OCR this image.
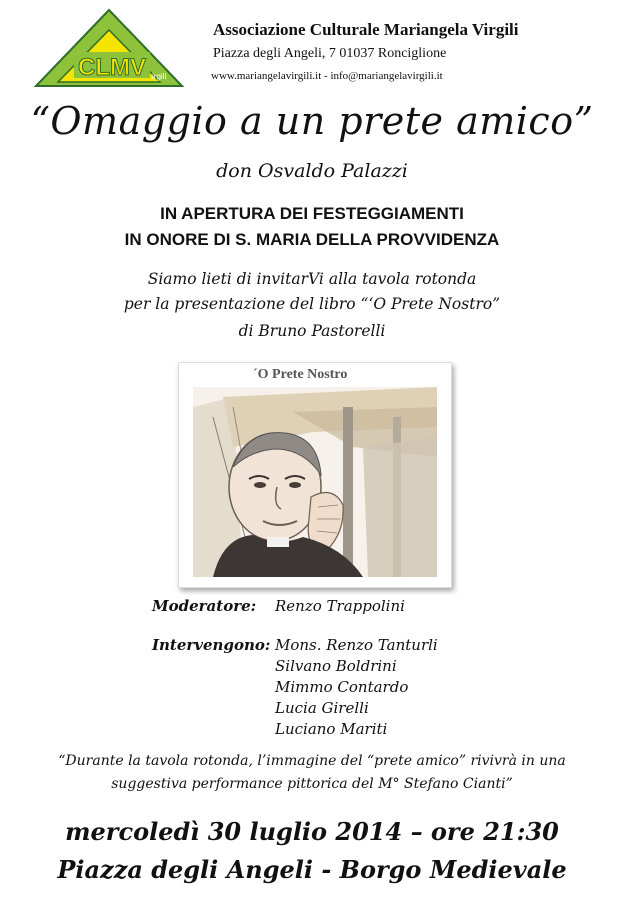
CLMV irgili
Associazione Culturale Mariangela Virgili
Piazza degli Angeli, 7 01037 Ronciglione
www.mariangelavirgili.it - info@mariangelavirgili.it
“Omaggio a un prete amico”
don Osvaldo Palazzi
IN APERTURA DEI FESTEGGIAMENTI
IN ONORE DI S. MARIA DELLA PROVVIDENZA
Siamo lieti di invitarVi alla tavola rotonda
per la presentazione del libro “‘O Prete Nostro”
di Bruno Pastorelli
´O Prete Nostro
Moderatore: Renzo Trappolini
Intervengono: Mons. Renzo Tanturli
Silvano Boldrini
Mimmo Contardo
Lucia Girelli
Luciano Mariti
“Durante la tavola rotonda, l’immagine del “prete amico” rivivrà in una
suggestiva performance pittorica del M° Stefano Cianti”
mercoledì 30 luglio 2014 – ore 21:30
Piazza degli Angeli - Borgo Medievale
